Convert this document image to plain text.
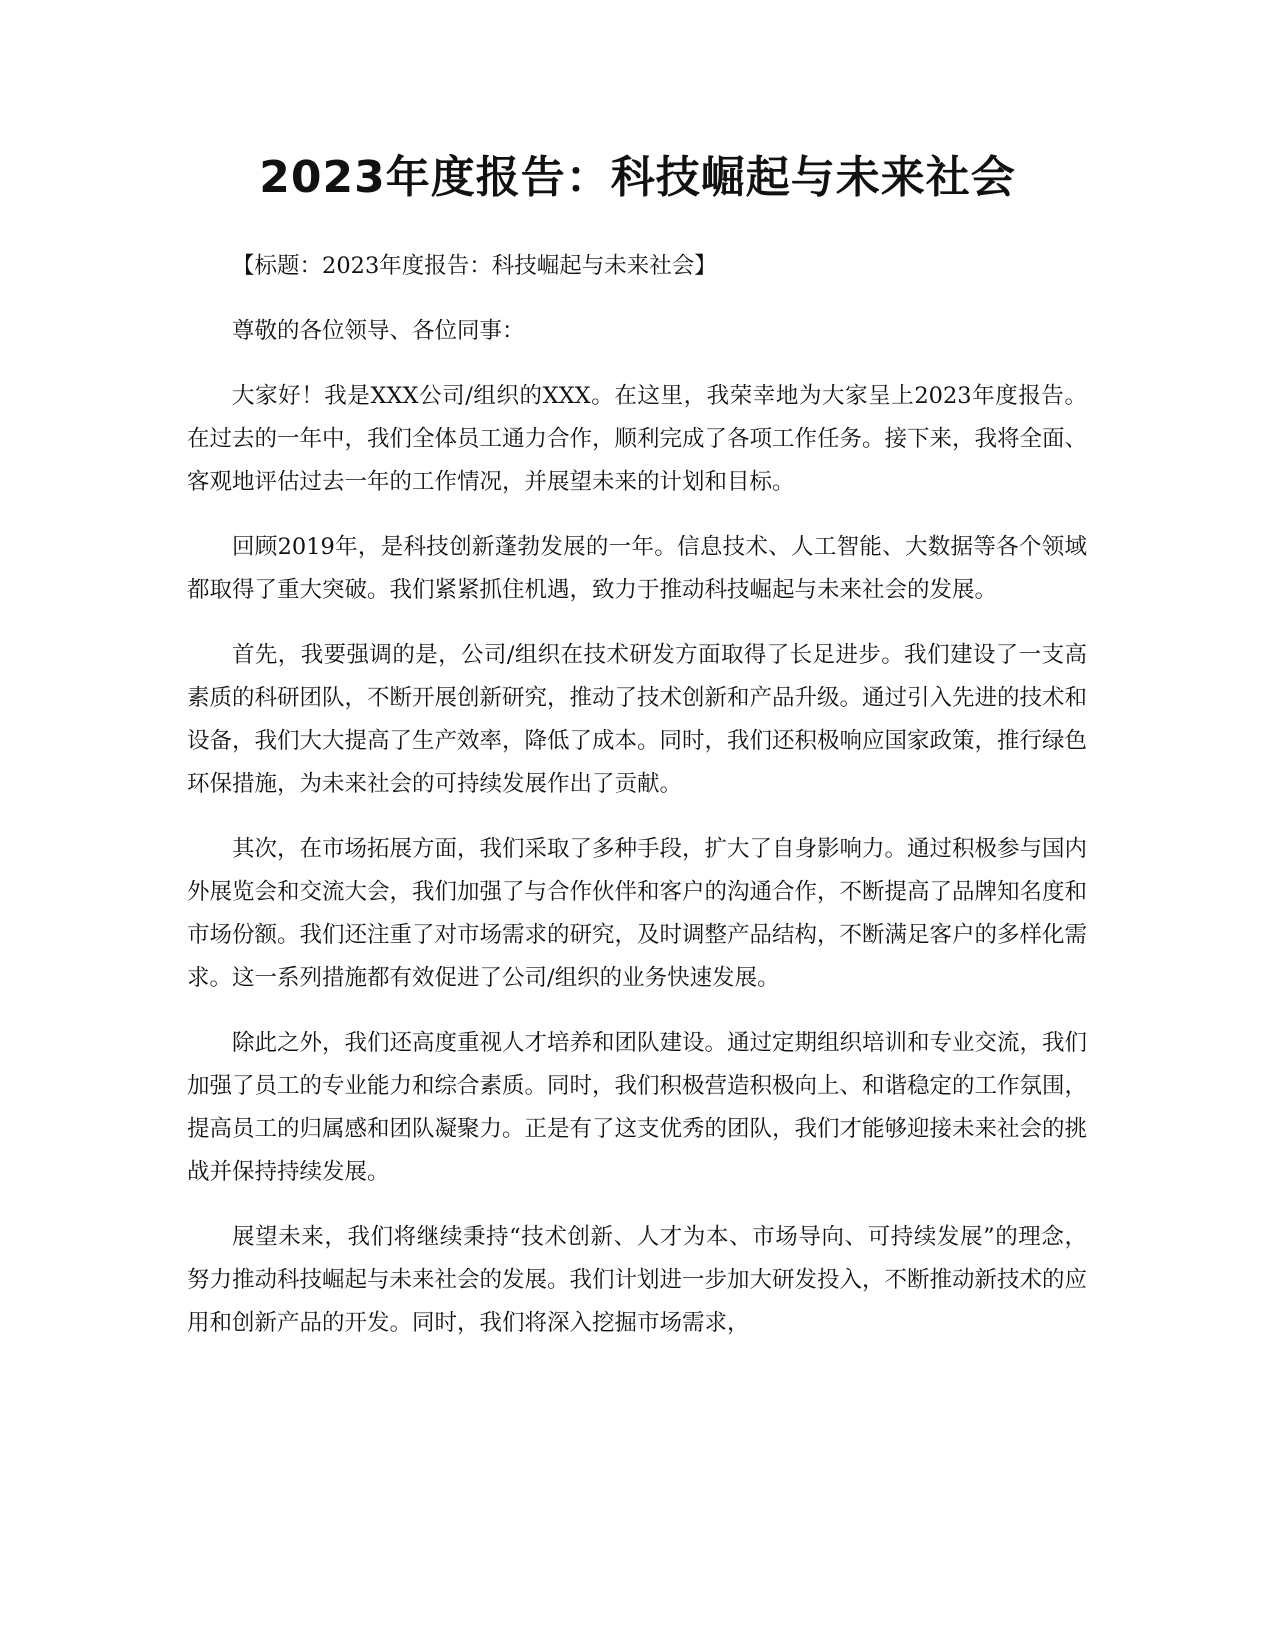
2023年度报告：科技崛起与未来社会

【标题：2023年度报告：科技崛起与未来社会】

尊敬的各位领导、各位同事：

大家好！我是XXX公司/组织的XXX。在这里，我荣幸地为大家呈上2023年度报告。在过去的一年中，我们全体员工通力合作，顺利完成了各项工作任务。接下来，我将全面、客观地评估过去一年的工作情况，并展望未来的计划和目标。

回顾2019年，是科技创新蓬勃发展的一年。信息技术、人工智能、大数据等各个领域都取得了重大突破。我们紧紧抓住机遇，致力于推动科技崛起与未来社会的发展。

首先，我要强调的是，公司/组织在技术研发方面取得了长足进步。我们建设了一支高素质的科研团队，不断开展创新研究，推动了技术创新和产品升级。通过引入先进的技术和设备，我们大大提高了生产效率，降低了成本。同时，我们还积极响应国家政策，推行绿色环保措施，为未来社会的可持续发展作出了贡献。

其次，在市场拓展方面，我们采取了多种手段，扩大了自身影响力。通过积极参与国内外展览会和交流大会，我们加强了与合作伙伴和客户的沟通合作，不断提高了品牌知名度和市场份额。我们还注重了对市场需求的研究，及时调整产品结构，不断满足客户的多样化需求。这一系列措施都有效促进了公司/组织的业务快速发展。

除此之外，我们还高度重视人才培养和团队建设。通过定期组织培训和专业交流，我们加强了员工的专业能力和综合素质。同时，我们积极营造积极向上、和谐稳定的工作氛围，提高员工的归属感和团队凝聚力。正是有了这支优秀的团队，我们才能够迎接未来社会的挑战并保持持续发展。

展望未来，我们将继续秉持“技术创新、人才为本、市场导向、可持续发展”的理念，努力推动科技崛起与未来社会的发展。我们计划进一步加大研发投入，不断推动新技术的应用和创新产品的开发。同时，我们将深入挖掘市场需求，
